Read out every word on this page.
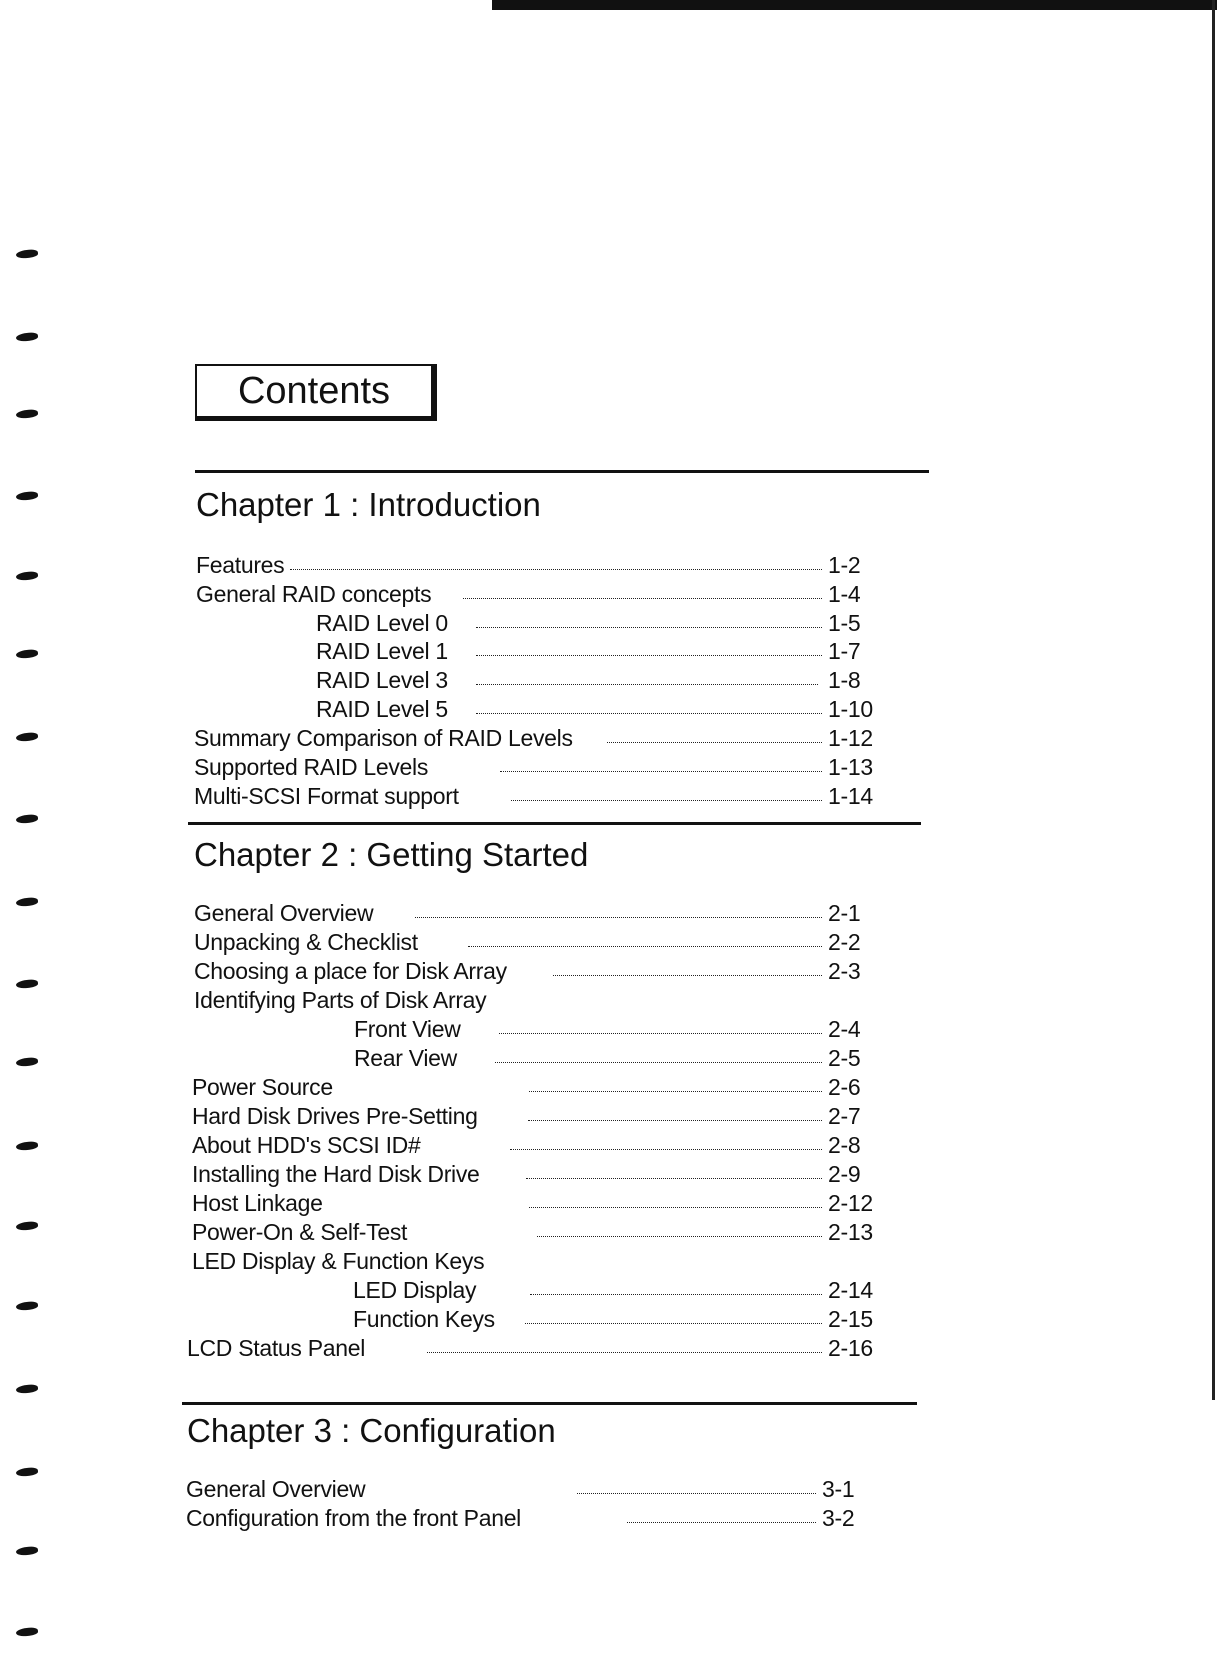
Contents
Chapter 1 : Introduction
Features	1-2
General RAID concepts	1-4
RAID Level 0	1-5
RAID Level 1	1-7
RAID Level 3	1-8
RAID Level 5	1-10
Summary Comparison of RAID Levels	1-12
Supported RAID Levels	1-13
Multi-SCSI Format support	1-14
Chapter 2 : Getting Started
General Overview	2-1
Unpacking & Checklist	2-2
Choosing a place for Disk Array	2-3
Identifying Parts of Disk Array
Front View	2-4
Rear View	2-5
Power Source	2-6
Hard Disk Drives Pre-Setting	2-7
About HDD's SCSI ID#	2-8
Installing the Hard Disk Drive	2-9
Host Linkage	2-12
Power-On & Self-Test	2-13
LED Display & Function Keys
LED Display	2-14
Function Keys	2-15
LCD Status Panel	2-16
Chapter 3 : Configuration
General Overview	3-1
Configuration from the front Panel	3-2
